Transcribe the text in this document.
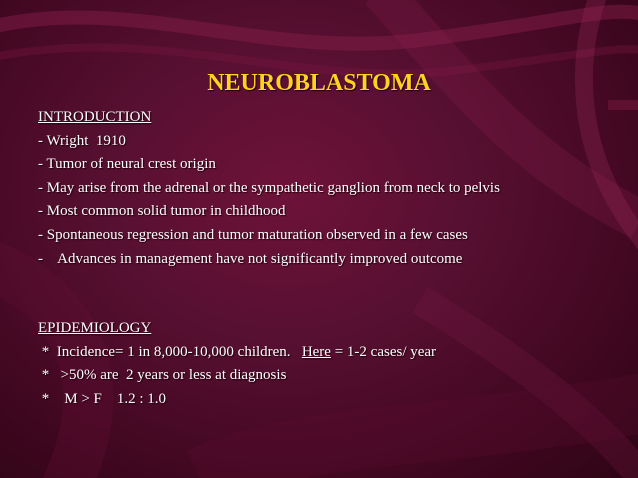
NEUROBLASTOMA
INTRODUCTION
- Wright  1910
- Tumor of neural crest origin
- May arise from the adrenal or the sympathetic ganglion from neck to pelvis
- Most common solid tumor in childhood
- Spontaneous regression and tumor maturation observed in a few cases
-    Advances in management have not significantly improved outcome
EPIDEMIOLOGY
*  Incidence= 1 in 8,000-10,000 children.   Here = 1-2 cases/ year
*   >50% are  2 years or less at diagnosis
*    M > F    1.2 : 1.0
